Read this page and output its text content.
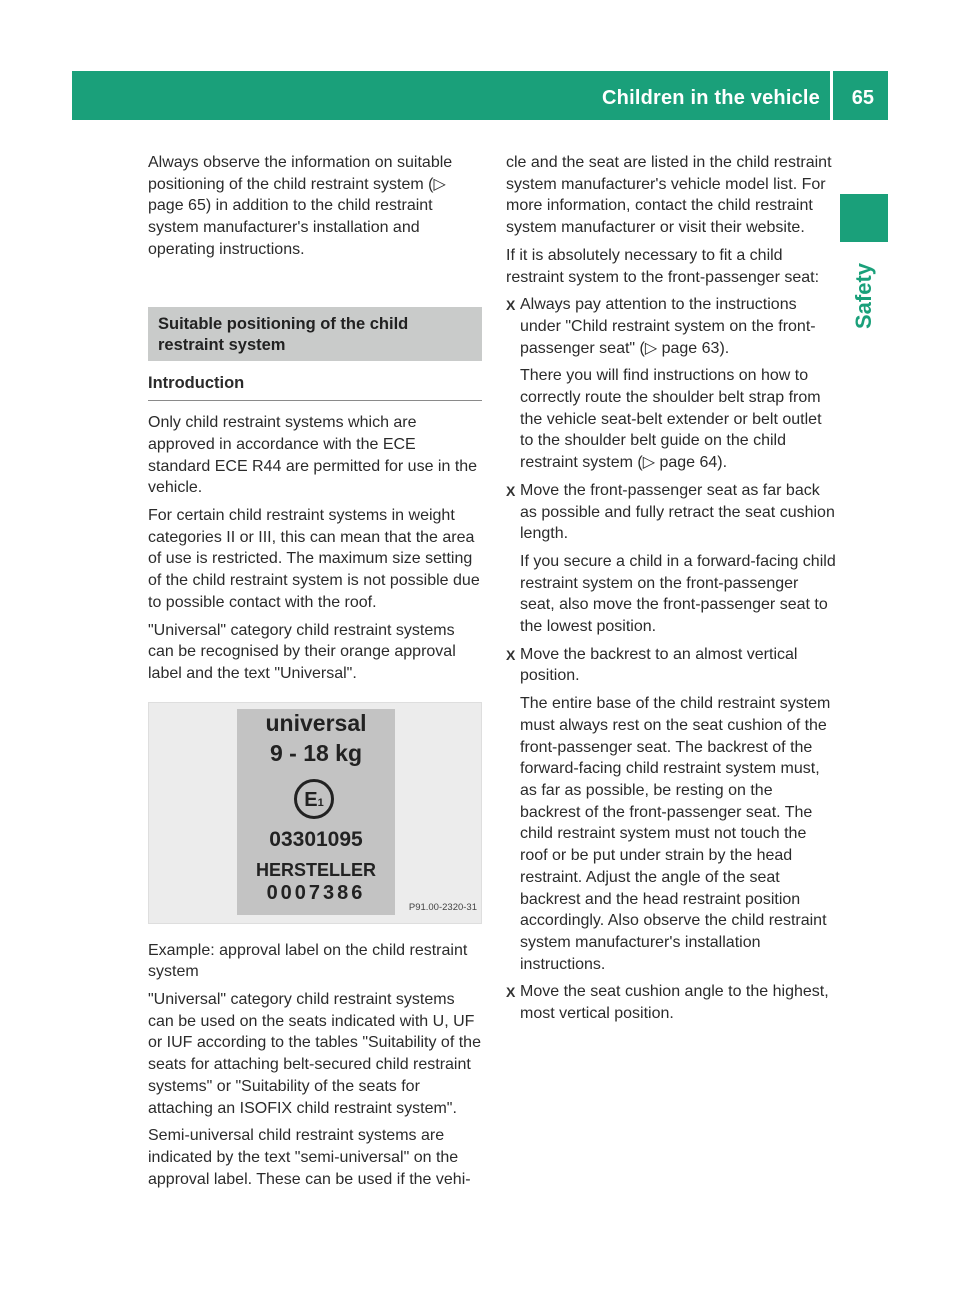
Children in the vehicle 65
Safety

Always observe the information on suitable positioning of the child restraint system (▷ page 65) in addition to the child restraint system manufacturer's installation and operating instructions.

Suitable positioning of the child restraint system
Introduction

Only child restraint systems which are approved in accordance with the ECE standard ECE R44 are permitted for use in the vehicle.

For certain child restraint systems in weight categories II or III, this can mean that the area of use is restricted. The maximum size setting of the child restraint system is not possible due to possible contact with the roof.

"Universal" category child restraint systems can be recognised by their orange approval label and the text "Universal".

universal
9 - 18 kg
E1
03301095
HERSTELLER
0007386
P91.00-2320-31

Example: approval label on the child restraint system

"Universal" category child restraint systems can be used on the seats indicated with U, UF or IUF according to the tables "Suitability of the seats for attaching belt-secured child restraint systems" or "Suitability of the seats for attaching an ISOFIX child restraint system".

Semi-universal child restraint systems are indicated by the text "semi-universal" on the approval label. These can be used if the vehi-

cle and the seat are listed in the child restraint system manufacturer's vehicle model list. For more information, contact the child restraint system manufacturer or visit their website.

If it is absolutely necessary to fit a child restraint system to the front-passenger seat:

X Always pay attention to the instructions under "Child restraint system on the front-passenger seat" (▷ page 63).

There you will find instructions on how to correctly route the shoulder belt strap from the vehicle seat-belt extender or belt outlet to the shoulder belt guide on the child restraint system (▷ page 64).

X Move the front-passenger seat as far back as possible and fully retract the seat cushion length.

If you secure a child in a forward-facing child restraint system on the front-passenger seat, also move the front-passenger seat to the lowest position.

X Move the backrest to an almost vertical position.

The entire base of the child restraint system must always rest on the seat cushion of the front-passenger seat. The backrest of the forward-facing child restraint system must, as far as possible, be resting on the backrest of the front-passenger seat. The child restraint system must not touch the roof or be put under strain by the head restraint. Adjust the angle of the seat backrest and the head restraint position accordingly. Also observe the child restraint system manufacturer's installation instructions.

X Move the seat cushion angle to the highest, most vertical position.
